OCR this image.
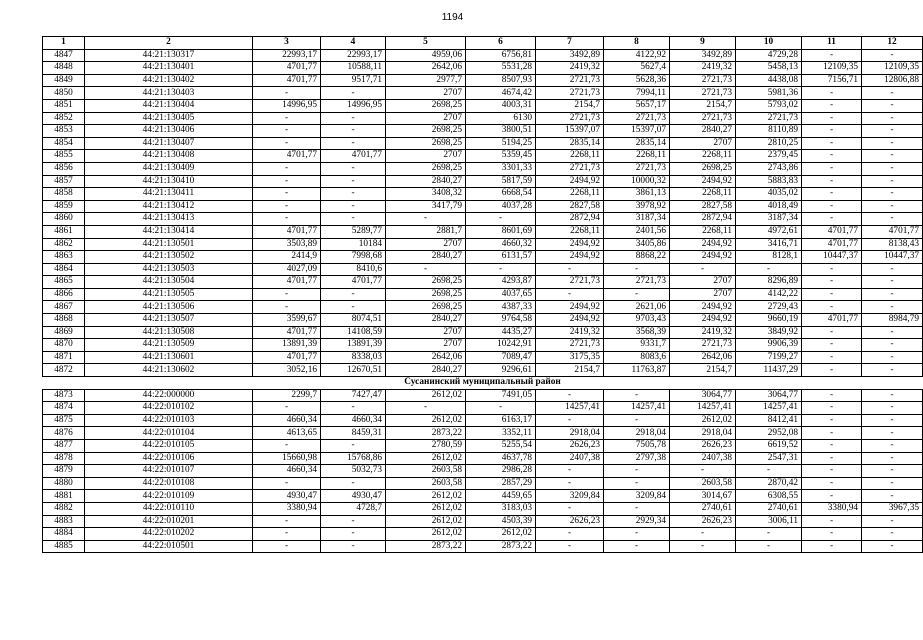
1194
1	2	3	4	5	6	7	8	9	10	11	12
4847	44:21:130317	22993,17	22993,17	4959,06	6756,81	3492,89	4122,92	3492,89	4729,28	-	-
4848	44:21:130401	4701,77	10588,11	2642,06	5531,28	2419,32	5627,4	2419,32	5458,13	12109,35	12109,35
4849	44:21:130402	4701,77	9517,71	2977,7	8507,93	2721,73	5628,36	2721,73	4438,08	7156,71	12806,88
4850	44:21:130403	-	-	2707	4674,42	2721,73	7994,11	2721,73	5981,36	-	-
4851	44:21:130404	14996,95	14996,95	2698,25	4003,31	2154,7	5657,17	2154,7	5793,02	-	-
4852	44:21:130405	-	-	2707	6130	2721,73	2721,73	2721,73	2721,73	-	-
4853	44:21:130406	-	-	2698,25	3800,51	15397,07	15397,07	2840,27	8110,89	-	-
4854	44:21:130407	-	-	2698,25	5194,25	2835,14	2835,14	2707	2810,25	-	-
4855	44:21:130408	4701,77	4701,77	2707	5359,45	2268,11	2268,11	2268,11	2379,45	-	-
4856	44:21:130409	-	-	2698,25	3301,33	2721,73	2721,73	2698,25	2743,86	-	-
4857	44:21:130410	-	-	2840,27	5817,59	2494,92	10000,32	2494,92	5883,83	-	-
4858	44:21:130411	-	-	3408,32	6668,54	2268,11	3861,13	2268,11	4035,02	-	-
4859	44:21:130412	-	-	3417,79	4037,28	2827,58	3978,92	2827,58	4018,49	-	-
4860	44:21:130413	-	-	-	-	2872,94	3187,34	2872,94	3187,34	-	-
4861	44:21:130414	4701,77	5289,77	2881,7	8601,69	2268,11	2401,56	2268,11	4972,61	4701,77	4701,77
4862	44:21:130501	3503,89	10184	2707	4660,32	2494,92	3405,86	2494,92	3416,71	4701,77	8138,43
4863	44:21:130502	2414,9	7998,68	2840,27	6131,57	2494,92	8868,22	2494,92	8128,1	10447,37	10447,37
4864	44:21:130503	4027,09	8410,6	-	-	-	-	-	-	-	-
4865	44:21:130504	4701,77	4701,77	2698,25	4293,87	2721,73	2721,73	2707	8296,89	-	-
4866	44:21:130505	-	-	2698,25	4037,65	-	-	2707	4142,22	-	-
4867	44:21:130506	-	-	2698,25	4387,33	2494,92	2621,06	2494,92	2729,43	-	-
4868	44:21:130507	3599,67	8074,51	2840,27	9764,58	2494,92	9703,43	2494,92	9660,19	4701,77	8984,79
4869	44:21:130508	4701,77	14108,59	2707	4435,27	2419,32	3568,39	2419,32	3849,92	-	-
4870	44:21:130509	13891,39	13891,39	2707	10242,91	2721,73	9331,7	2721,73	9906,39	-	-
4871	44:21:130601	4701,77	8338,03	2642,06	7089,47	3175,35	8083,6	2642,06	7199,27	-	-
4872	44:21:130602	3052,16	12670,51	2840,27	9296,61	2154,7	11763,87	2154,7	11437,29	-	-
Сусанинский муниципальный район											
4873	44:22:000000	2299,7	7427,47	2612,02	7491,05	-	-	3064,77	3064,77	-	-
4874	44:22:010102	-	-	-	-	14257,41	14257,41	14257,41	14257,41	-	-
4875	44:22:010103	4660,34	4660,34	2612,02	6163,17	-	-	2612,02	8412,41	-	-
4876	44:22:010104	4613,65	8459,31	2873,22	3352,11	2918,04	2918,04	2918,04	2952,08	-	-
4877	44:22:010105	-	-	2780,59	5255,54	2626,23	7505,78	2626,23	6619,52	-	-
4878	44:22:010106	15660,98	15768,86	2612,02	4637,78	2407,38	2797,38	2407,38	2547,31	-	-
4879	44:22:010107	4660,34	5032,73	2603,58	2986,28	-	-	-	-	-	-
4880	44:22:010108	-	-	2603,58	2857,29	-	-	2603,58	2870,42	-	-
4881	44:22:010109	4930,47	4930,47	2612,02	4459,65	3209,84	3209,84	3014,67	6308,55	-	-
4882	44:22:010110	3380,94	4728,7	2612,02	3183,03	-	-	2740,61	2740,61	3380,94	3967,35
4883	44:22:010201	-	-	2612,02	4503,39	2626,23	2929,34	2626,23	3006,11	-	-
4884	44:22:010202	-	-	2612,02	2612,02	-	-	-	-	-	-
4885	44:22:010501	-	-	2873,22	2873,22	-	-	-	-	-	-
